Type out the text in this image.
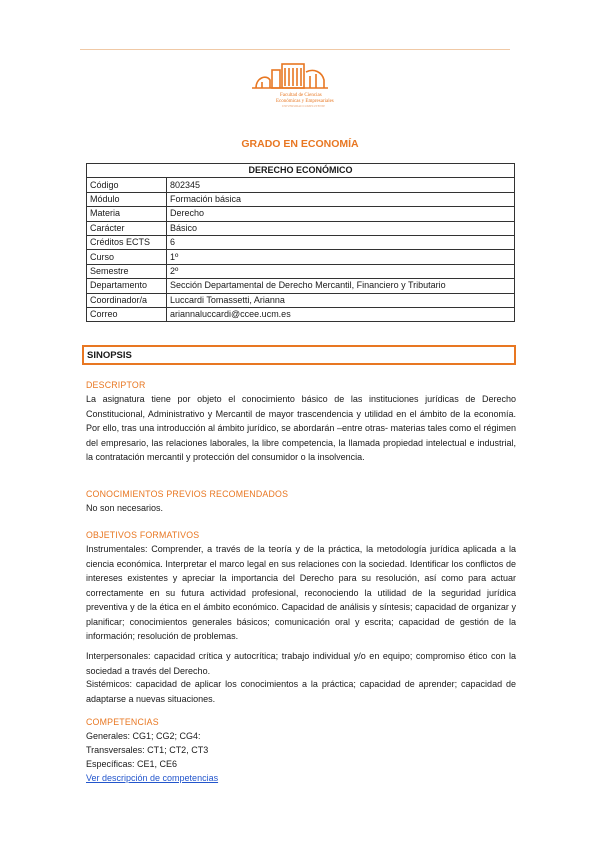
Facultad de Ciencias
Económicas y Empresariales
UNIVERSIDAD COMPLUTENSE
GRADO EN ECONOMÍA
DERECHO ECONÓMICO	
Código	802345
Módulo	Formación básica
Materia	Derecho
Carácter	Básico
Créditos ECTS	6
Curso	1º
Semestre	2º
Departamento	Sección Departamental de Derecho Mercantil, Financiero y Tributario
Coordinador/a	Luccardi Tomassetti, Arianna
Correo	ariannaluccardi@ccee.ucm.es
SINOPSIS
DESCRIPTOR
La asignatura tiene por objeto el conocimiento básico de las instituciones jurídicas de Derecho Constitucional, Administrativo y Mercantil de mayor trascendencia y utilidad en el ámbito de la economía. Por ello, tras una introducción al ámbito jurídico, se abordarán –entre otras- materias tales como el régimen del empresario, las relaciones laborales, la libre competencia, la llamada propiedad intelectual e industrial, la contratación mercantil y protección del consumidor o la insolvencia.
CONOCIMIENTOS PREVIOS RECOMENDADOS
No son necesarios.
OBJETIVOS FORMATIVOS
Instrumentales: Comprender, a través de la teoría y de la práctica, la metodología jurídica aplicada a la ciencia económica. Interpretar el marco legal en sus relaciones con la sociedad. Identificar los conflictos de intereses existentes y apreciar la importancia del Derecho para su resolución, así como para actuar correctamente en su futura actividad profesional, reconociendo la utilidad de la seguridad jurídica preventiva y de la ética en el ámbito económico. Capacidad de análisis y síntesis; capacidad de organizar y planificar; conocimientos generales básicos; comunicación oral y escrita; capacidad de gestión de la información; resolución de problemas.
Interpersonales: capacidad crítica y autocrítica; trabajo individual y/o en equipo; compromiso ético con la sociedad a través del Derecho.
Sistémicos: capacidad de aplicar los conocimientos a la práctica; capacidad de aprender; capacidad de adaptarse a nuevas situaciones.
COMPETENCIAS
Generales: CG1; CG2; CG4:
Transversales: CT1; CT2, CT3
Específicas: CE1, CE6
Ver descripción de competencias
